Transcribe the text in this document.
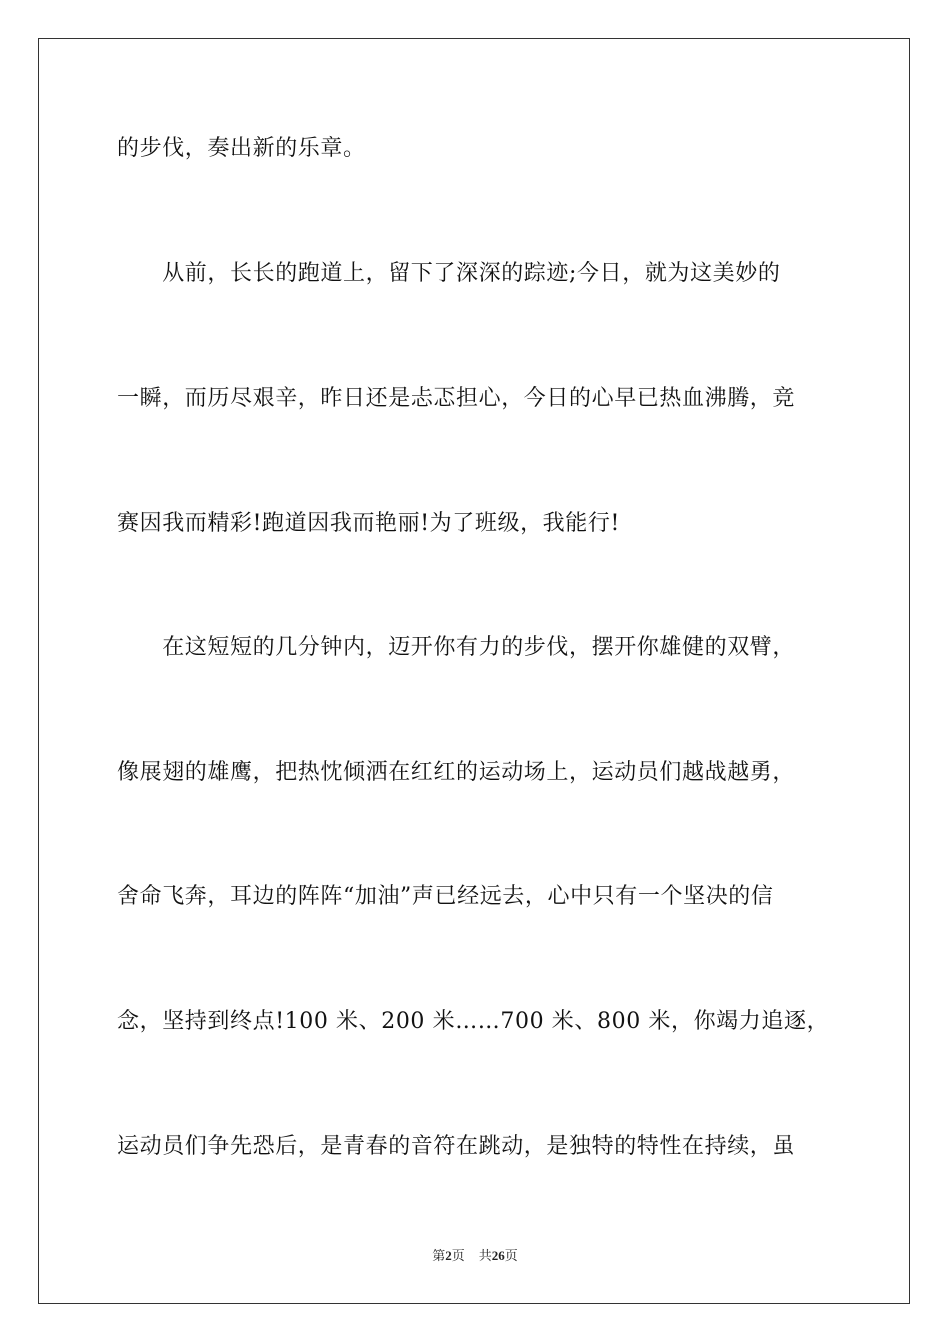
的步伐，奏出新的乐章。
　　从前，长长的跑道上，留下了深深的踪迹;今日，就为这美妙的
一瞬，而历尽艰辛，昨日还是忐忑担心，今日的心早已热血沸腾，竞
赛因我而精彩!跑道因我而艳丽!为了班级，我能行!
　　在这短短的几分钟内，迈开你有力的步伐，摆开你雄健的双臂，
像展翅的雄鹰，把热忱倾洒在红红的运动场上，运动员们越战越勇，
舍命飞奔，耳边的阵阵“加油”声已经远去，心中只有一个坚决的信
念，坚持到终点!100 米、200 米……700 米、800 米，你竭力追逐，
运动员们争先恐后，是青春的音符在跳动，是独特的特性在持续，虽
第2页 共26页
